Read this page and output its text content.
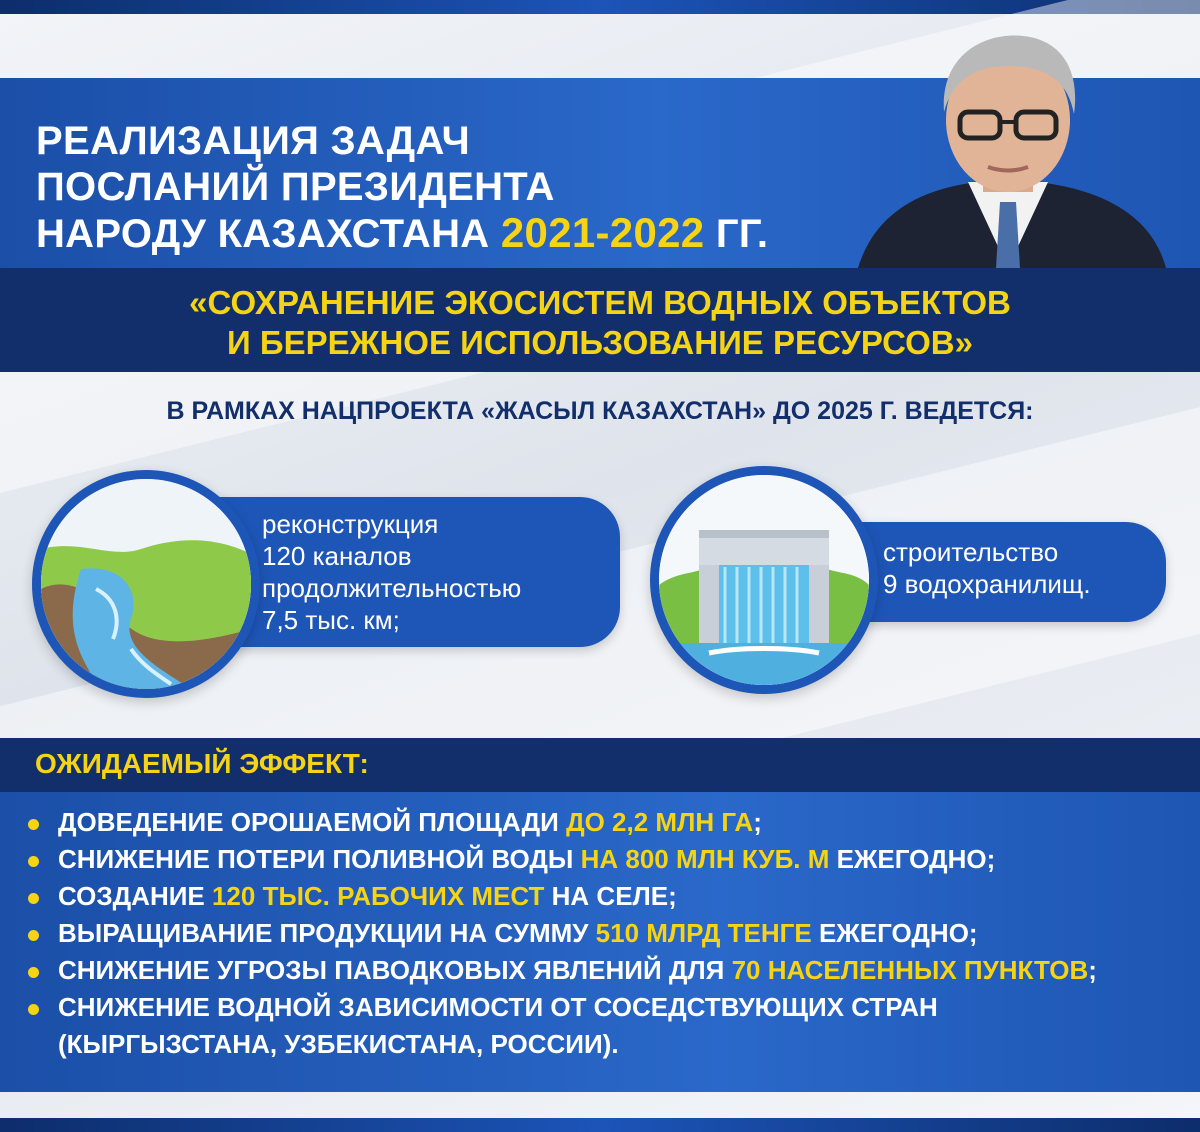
РЕАЛИЗАЦИЯ ЗАДАЧ
ПОСЛАНИЙ ПРЕЗИДЕНТА
НАРОДУ КАЗАХСТАНА 2021-2022 ГГ.
«СОХРАНЕНИЕ ЭКОСИСТЕМ ВОДНЫХ ОБЪЕКТОВ
И БЕРЕЖНОЕ ИСПОЛЬЗОВАНИЕ РЕСУРСОВ»
В РАМКАХ НАЦПРОЕКТА «ЖАСЫЛ КАЗАХСТАН» ДО 2025 Г. ВЕДЕТСЯ:
реконструкция
120 каналов
продолжительностью
7,5 тыс. км;
строительство
9 водохранилищ.
ОЖИДАЕМЫЙ ЭФФЕКТ:
ДОВЕДЕНИЕ ОРОШАЕМОЙ ПЛОЩАДИ ДО 2,2 МЛН ГА;
СНИЖЕНИЕ ПОТЕРИ ПОЛИВНОЙ ВОДЫ НА 800 МЛН КУБ. М ЕЖЕГОДНО;
СОЗДАНИЕ 120 ТЫС. РАБОЧИХ МЕСТ НА СЕЛЕ;
ВЫРАЩИВАНИЕ ПРОДУКЦИИ НА СУММУ 510 МЛРД ТЕНГЕ ЕЖЕГОДНО;
СНИЖЕНИЕ УГРОЗЫ ПАВОДКОВЫХ ЯВЛЕНИЙ ДЛЯ 70 НАСЕЛЕННЫХ ПУНКТОВ;
СНИЖЕНИЕ ВОДНОЙ ЗАВИСИМОСТИ ОТ СОСЕДСТВУЮЩИХ СТРАН
(КЫРГЫЗСТАНА, УЗБЕКИСТАНА, РОССИИ).
